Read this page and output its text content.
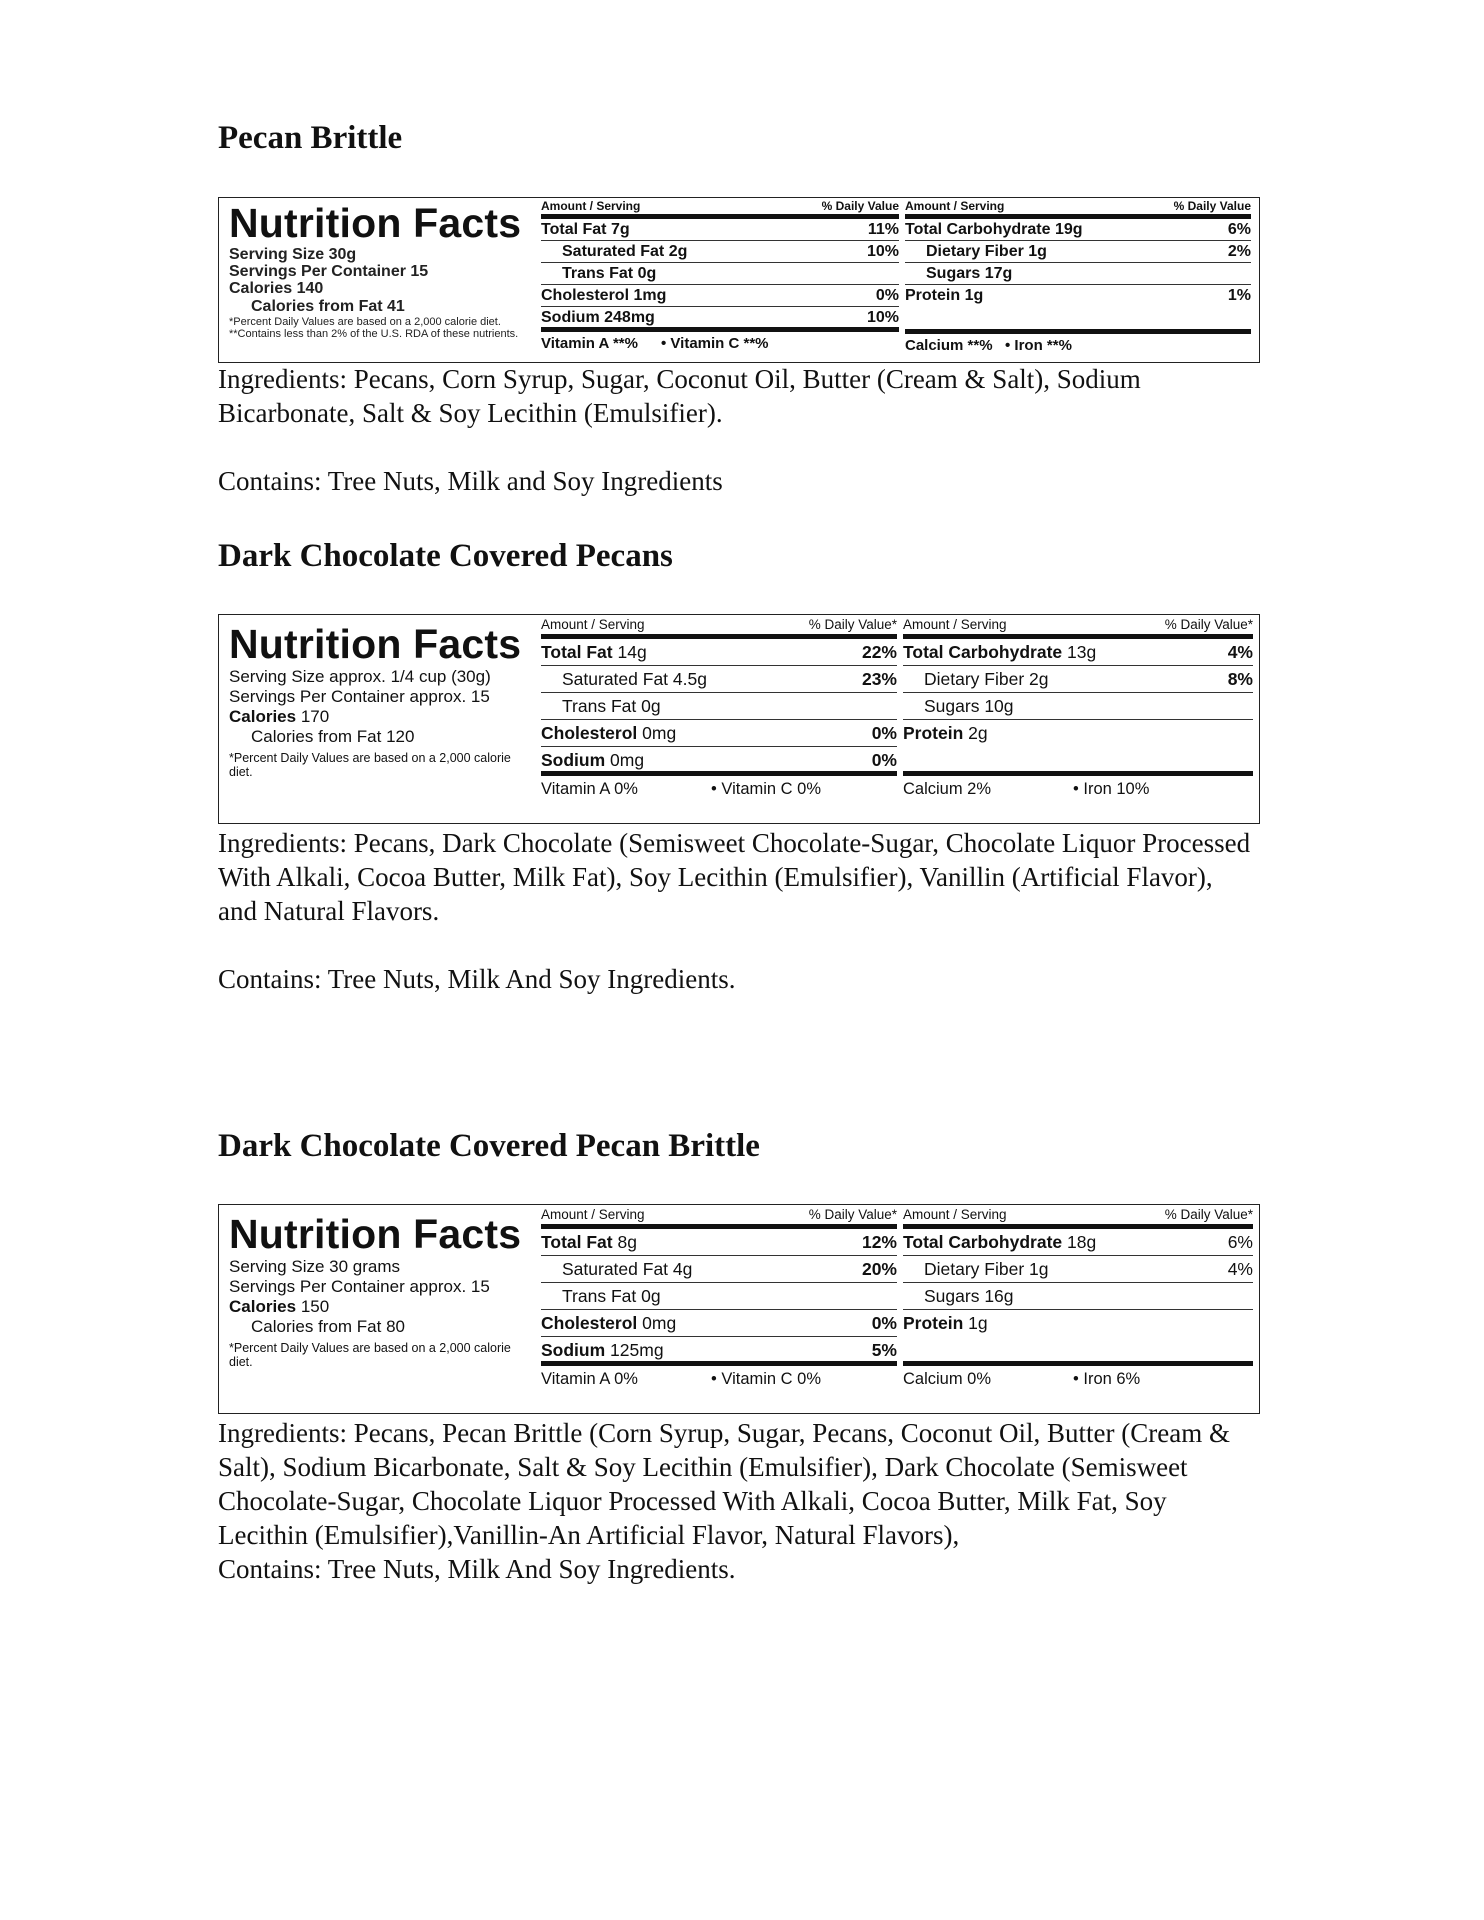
Pecan Brittle
Nutrition Facts
Serving Size 30g
Servings Per Container 15
Calories 140
Calories from Fat 41
*Percent Daily Values are based on a 2,000 calorie diet. **Contains less than 2% of the U.S. RDA of these nutrients.
Amount / Serving	% Daily Value
Total Fat 7g	11%
Saturated Fat 2g	10%
Trans Fat 0g
Cholesterol 1mg	0%
Sodium 248mg	10%
Vitamin A **%	• Vitamin C **%
Amount / Serving	% Daily Value
Total Carbohydrate 19g	6%
Dietary Fiber 1g	2%
Sugars 17g
Protein 1g	1%
Calcium **% • Iron **%

Ingredients: Pecans, Corn Syrup, Sugar, Coconut Oil, Butter (Cream & Salt), Sodium Bicarbonate, Salt & Soy Lecithin (Emulsifier).

Contains: Tree Nuts, Milk and Soy Ingredients

Dark Chocolate Covered Pecans
Nutrition Facts
Serving Size approx. 1/4 cup (30g)
Servings Per Container approx. 15
Calories 170
Calories from Fat 120
*Percent Daily Values are based on a 2,000 calorie diet.
Amount / Serving	% Daily Value*
Total Fat 14g	22%
Saturated Fat 4.5g	23%
Trans Fat 0g
Cholesterol 0mg	0%
Sodium 0mg	0%
Vitamin A 0%	• Vitamin C 0%
Amount / Serving	% Daily Value*
Total Carbohydrate 13g	4%
Dietary Fiber 2g	8%
Sugars 10g
Protein 2g
Calcium 2%	• Iron 10%

Ingredients: Pecans, Dark Chocolate (Semisweet Chocolate-Sugar, Chocolate Liquor Processed With Alkali, Cocoa Butter, Milk Fat), Soy Lecithin (Emulsifier), Vanillin (Artificial Flavor), and Natural Flavors.

Contains: Tree Nuts, Milk And Soy Ingredients.

Dark Chocolate Covered Pecan Brittle
Nutrition Facts
Serving Size 30 grams
Servings Per Container approx. 15
Calories 150
Calories from Fat 80
*Percent Daily Values are based on a 2,000 calorie diet.
Amount / Serving	% Daily Value*
Total Fat 8g	12%
Saturated Fat 4g	20%
Trans Fat 0g
Cholesterol 0mg	0%
Sodium 125mg	5%
Vitamin A 0%	• Vitamin C 0%
Amount / Serving	% Daily Value*
Total Carbohydrate 18g	6%
Dietary Fiber 1g	4%
Sugars 16g
Protein 1g
Calcium 0%	• Iron 6%

Ingredients: Pecans, Pecan Brittle (Corn Syrup, Sugar, Pecans, Coconut Oil, Butter (Cream & Salt), Sodium Bicarbonate, Salt & Soy Lecithin (Emulsifier), Dark Chocolate (Semisweet Chocolate-Sugar, Chocolate Liquor Processed With Alkali, Cocoa Butter, Milk Fat, Soy Lecithin (Emulsifier),Vanillin-An Artificial Flavor, Natural Flavors),

Contains: Tree Nuts, Milk And Soy Ingredients.
